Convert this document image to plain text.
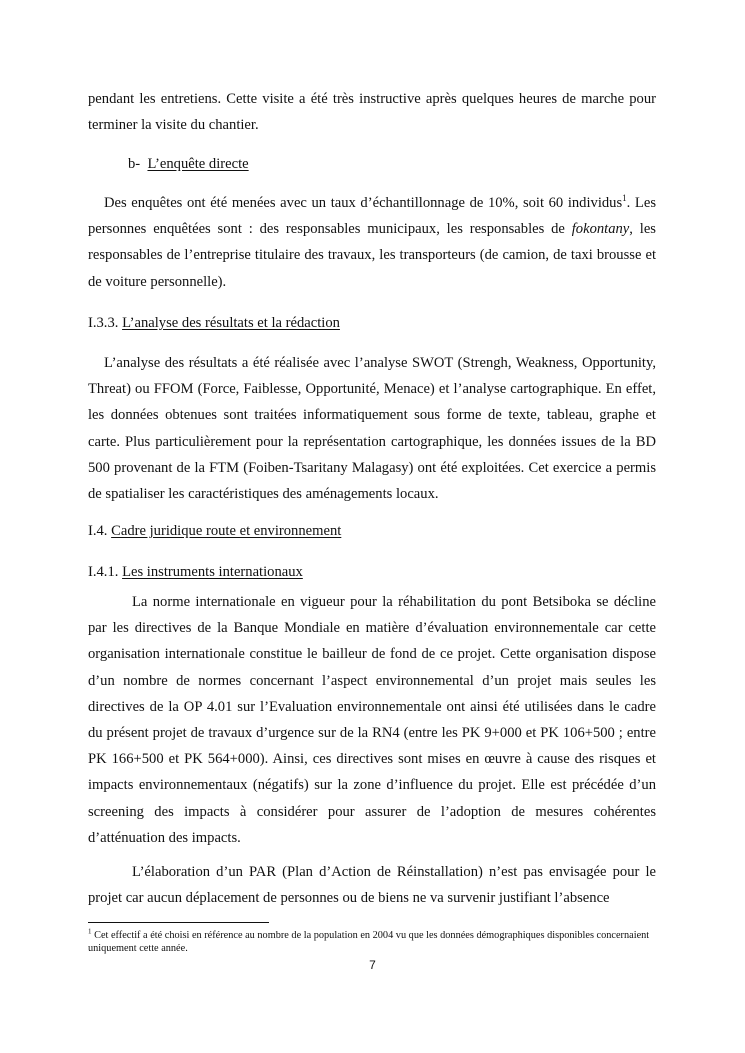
pendant les entretiens. Cette visite a été très instructive après quelques heures de marche pour terminer la visite du chantier.

b- L’enquête directe

Des enquêtes ont été menées avec un taux d’échantillonnage de 10%, soit 60 individus$^1$. Les personnes enquêtées sont : des responsables municipaux, les responsables de fokontany, les responsables de l’entreprise titulaire des travaux, les transporteurs (de camion, de taxi brousse et de voiture personnelle).

I.3.3. L’analyse des résultats et la rédaction

L’analyse des résultats a été réalisée avec l’analyse SWOT (Strengh, Weakness, Opportunity, Threat) ou FFOM (Force, Faiblesse, Opportunité, Menace) et l’analyse cartographique. En effet, les données obtenues sont traitées informatiquement sous forme de texte, tableau, graphe et carte. Plus particulièrement pour la représentation cartographique, les données issues de la BD 500 provenant de la FTM (Foiben-Tsaritany Malagasy) ont été exploitées. Cet exercice a permis de spatialiser les caractéristiques des aménagements locaux.

I.4. Cadre juridique route et environnement

I.4.1. Les instruments internationaux

La norme internationale en vigueur pour la réhabilitation du pont Betsiboka se décline par les directives de la Banque Mondiale en matière d’évaluation environnementale car cette organisation internationale constitue le bailleur de fond de ce projet. Cette organisation dispose d’un nombre de normes concernant l’aspect environnemental d’un projet mais seules les directives de la OP 4.01 sur l’Evaluation environnementale ont ainsi été utilisées dans le cadre du présent projet de travaux d’urgence sur de la RN4 (entre les PK 9+000 et PK 106+500 ; entre PK 166+500 et PK 564+000). Ainsi, ces directives sont mises en œuvre à cause des risques et impacts environnementaux (négatifs) sur la zone d’influence du projet. Elle est précédée d’un screening des impacts à considérer pour assurer de l’adoption de mesures cohérentes d’atténuation des impacts.

L’élaboration d’un PAR (Plan d’Action de Réinstallation) n’est pas envisagée pour le projet car aucun déplacement de personnes ou de biens ne va survenir justifiant l’absence

$^1$ Cet effectif a été choisi en référence au nombre de la population en 2004 vu que les données démographiques disponibles concernaient uniquement cette année.

7
